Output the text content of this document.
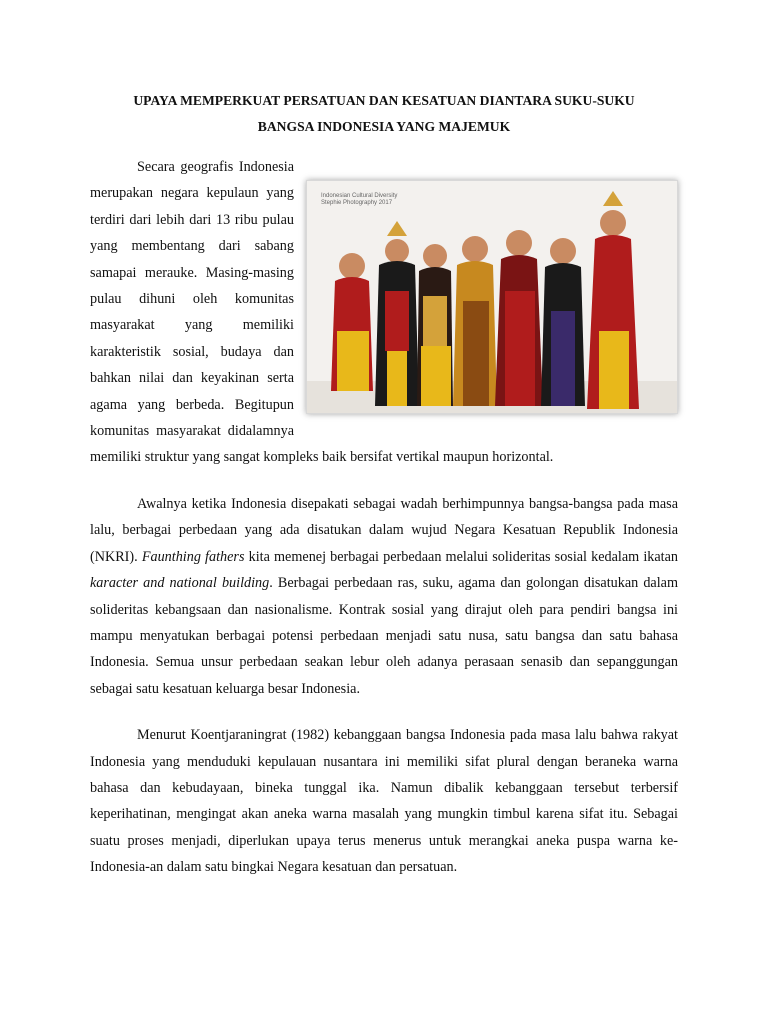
UPAYA MEMPERKUAT PERSATUAN DAN KESATUAN DIANTARA SUKU-SUKU
BANGSA INDONESIA YANG MAJEMUK
Indonesian Cultural Diversity
Stephie Photography 2017

Secara geografis Indonesia merupakan negara kepulaun yang terdiri dari lebih dari 13 ribu pulau yang membentang dari sabang samapai merauke. Masing-masing pulau dihuni oleh komunitas masyarakat yang memiliki karakteristik sosial, budaya dan bahkan nilai dan keyakinan serta agama yang berbeda. Begitupun komunitas masyarakat didalamnya memiliki struktur yang sangat kompleks baik bersifat vertikal maupun horizontal.

Awalnya ketika Indonesia disepakati sebagai wadah berhimpunnya bangsa-bangsa pada masa lalu, berbagai perbedaan yang ada disatukan dalam wujud Negara Kesatuan Republik Indonesia (NKRI). Faunthing fathers kita memenej berbagai perbedaan melalui solideritas sosial kedalam ikatan karacter and national building. Berbagai perbedaan ras, suku, agama dan golongan disatukan dalam solideritas kebangsaan dan nasionalisme. Kontrak sosial yang dirajut oleh para pendiri bangsa ini mampu menyatukan berbagai potensi perbedaan menjadi satu nusa, satu bangsa dan satu bahasa Indonesia. Semua unsur perbedaan seakan lebur oleh adanya perasaan senasib dan sepanggungan sebagai satu kesatuan keluarga besar Indonesia.

Menurut Koentjaraningrat (1982) kebanggaan bangsa Indonesia pada masa lalu bahwa rakyat Indonesia yang menduduki kepulauan nusantara ini memiliki sifat plural dengan beraneka warna bahasa dan kebudayaan, bineka tunggal ika. Namun dibalik kebanggaan tersebut terbersif keperihatinan, mengingat akan aneka warna masalah yang mungkin timbul karena sifat itu. Sebagai suatu proses menjadi, diperlukan upaya terus menerus untuk merangkai aneka puspa warna ke-Indonesia-an dalam satu bingkai Negara kesatuan dan persatuan.
